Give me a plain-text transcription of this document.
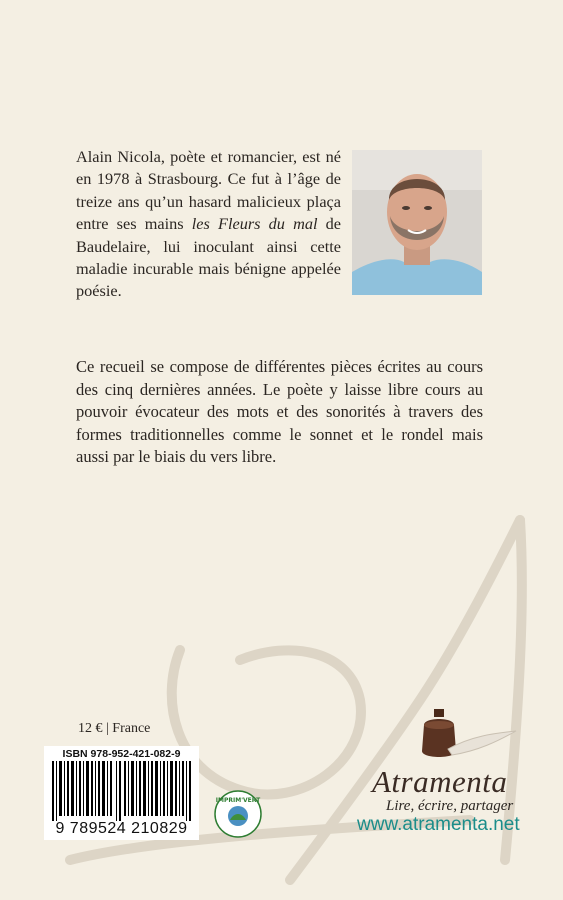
Alain Nicola, poète et romancier, est né en 1978 à Strasbourg. Ce fut à l’âge de treize ans qu’un hasard malicieux plaça entre ses mains les Fleurs du mal de Baudelaire, lui inoculant ainsi cette maladie incurable mais bénigne appelée poésie.

Ce recueil se compose de différentes pièces écrites au cours des cinq dernières années. Le poète y laisse libre cours au pouvoir évocateur des mots et des sonorités à travers des formes traditionnelles comme le sonnet et le rondel mais aussi par le biais du vers libre.

12 € | France

ISBN 978-952-421-082-9
9 789524 210829
IMPRIM'VERT

Atramenta

Lire, écrire, partager

www.atramenta.net
